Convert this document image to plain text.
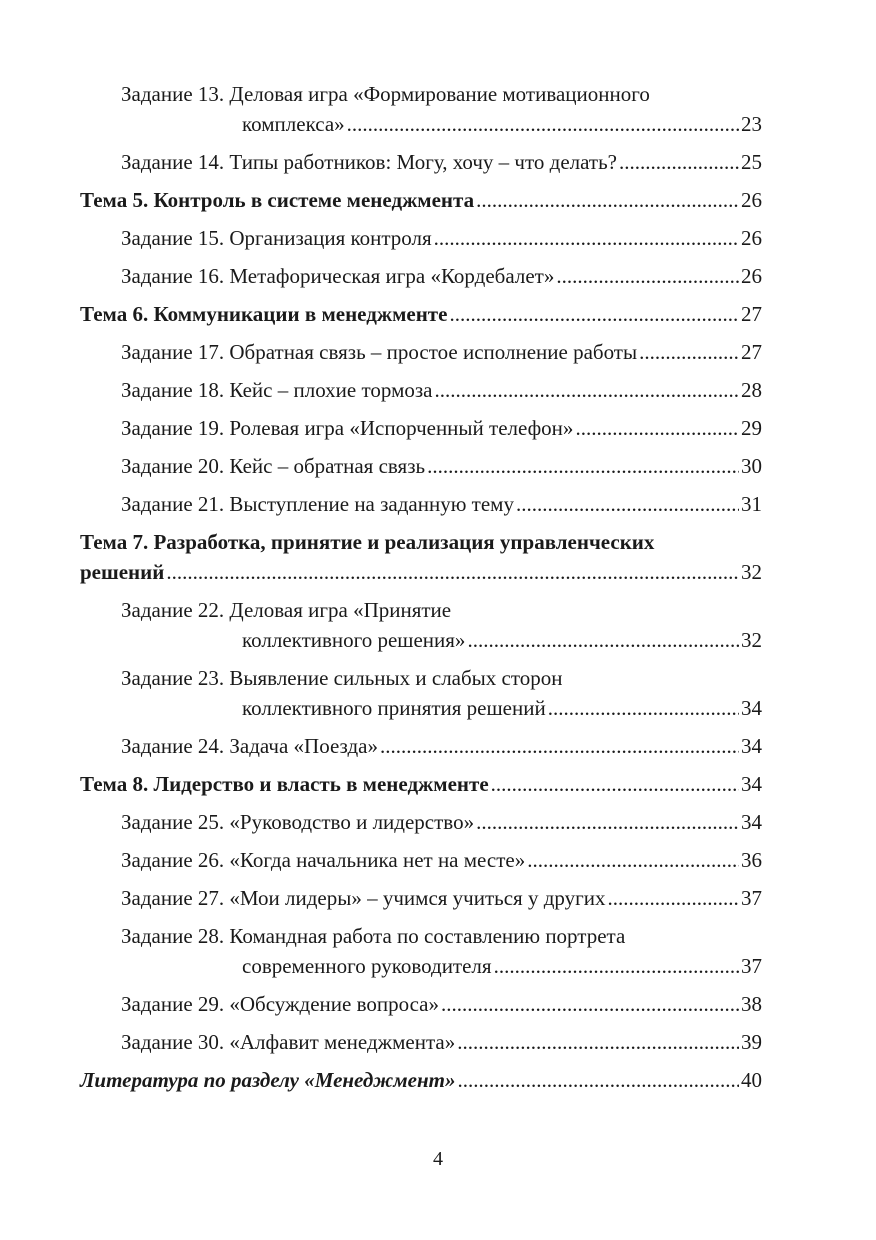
Задание 13. Деловая игра «Формирование мотивационного
комплекса» .....	23
Задание 14. Типы работников: Могу, хочу – что делать? .....	25
Тема 5. Контроль в системе менеджмента .....	26
Задание 15. Организация контроля .....	26
Задание 16. Метафорическая игра «Кордебалет» .....	26
Тема 6. Коммуникации в менеджменте .....	27
Задание 17. Обратная связь – простое исполнение работы .....	27
Задание 18. Кейс – плохие тормоза .....	28
Задание 19. Ролевая игра «Испорченный телефон» .....	29
Задание 20. Кейс – обратная связь .....	30
Задание 21. Выступление на заданную тему .....	31
Тема 7. Разработка, принятие и реализация управленческих
решений .....	32
Задание 22. Деловая игра «Принятие
коллективного решения» .....	32
Задание 23. Выявление сильных и слабых сторон
коллективного принятия решений .....	34
Задание 24. Задача «Поезда» .....	34
Тема 8. Лидерство и власть в менеджменте .....	34
Задание 25. «Руководство и лидерство» .....	34
Задание 26. «Когда начальника нет на месте» .....	36
Задание 27. «Мои лидеры» – учимся учиться у других .....	37
Задание 28. Командная работа по составлению портрета
современного руководителя .....	37
Задание 29. «Обсуждение вопроса» .....	38
Задание 30. «Алфавит менеджмента» .....	39
Литература по разделу «Менеджмент» .....	40
4
